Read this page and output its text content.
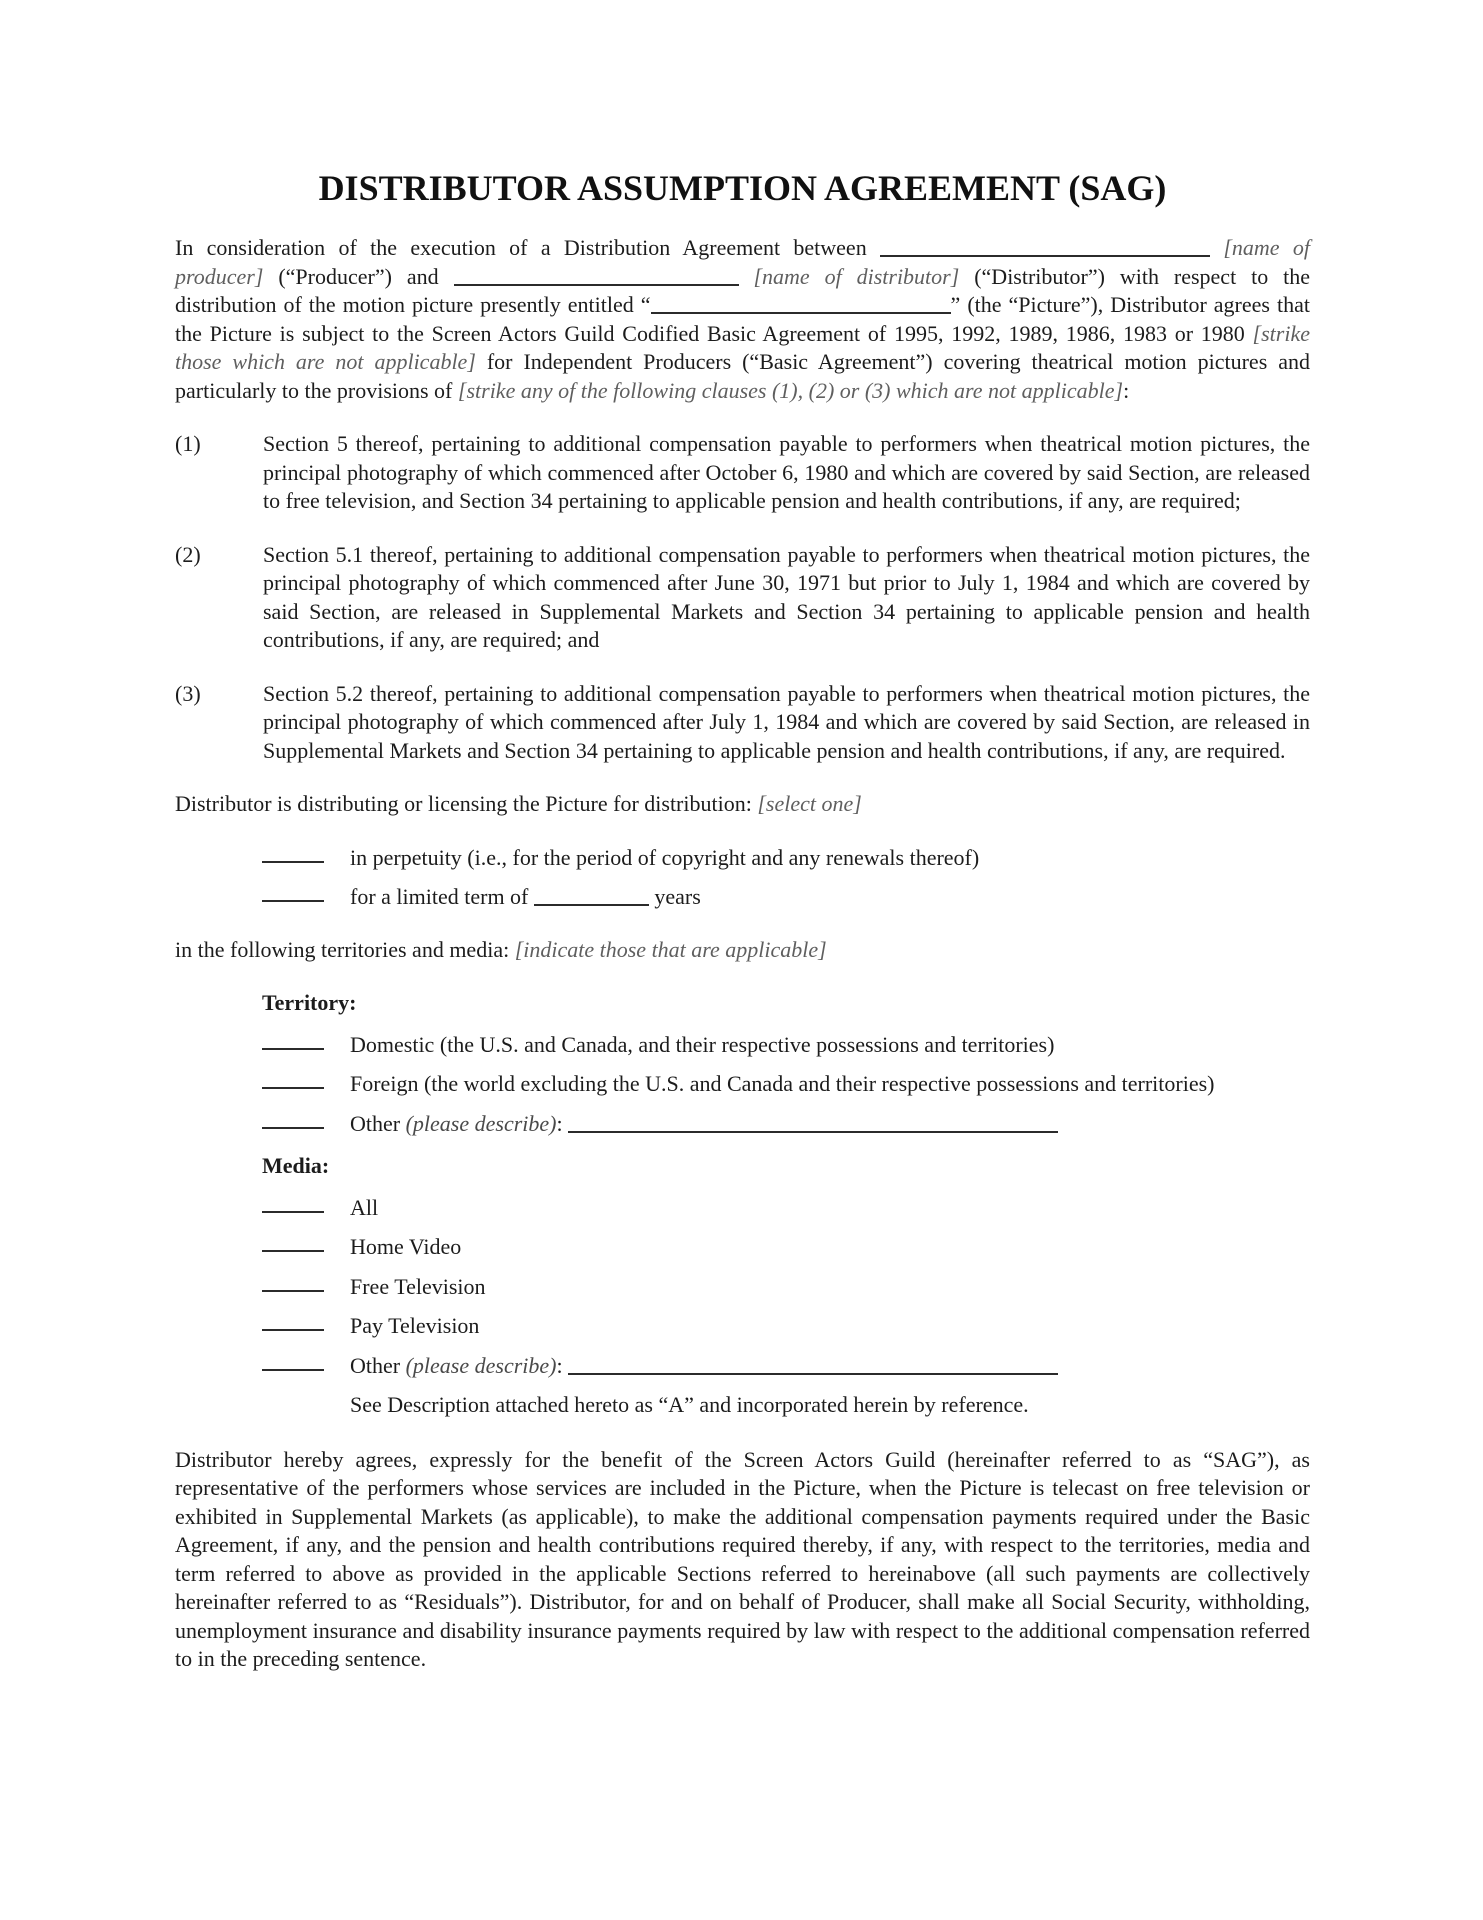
DISTRIBUTOR ASSUMPTION AGREEMENT (SAG)

In consideration of the execution of a Distribution Agreement between	[name of producer] (“Producer”) and	[name of distributor] (“Distributor”) with respect to the distribution of the motion picture presently entitled “	” (the “Picture”), Distributor agrees that the Picture is subject to the Screen Actors Guild Codified Basic Agreement of 1995, 1992, 1989, 1986, 1983 or 1980 [strike those which are not applicable] for Independent Producers (“Basic Agreement”) covering theatrical motion pictures and particularly to the provisions of [strike any of the following clauses (1), (2) or (3) which are not applicable]:

(1)	Section 5 thereof, pertaining to additional compensation payable to performers when theatrical motion pictures, the principal photography of which commenced after October 6, 1980 and which are covered by said Section, are released to free television, and Section 34 pertaining to applicable pension and health contributions, if any, are required;
(2)	Section 5.1 thereof, pertaining to additional compensation payable to performers when theatrical motion pictures, the principal photography of which commenced after June 30, 1971 but prior to July 1, 1984 and which are covered by said Section, are released in Supplemental Markets and Section 34 pertaining to applicable pension and health contributions, if any, are required; and
(3)	Section 5.2 thereof, pertaining to additional compensation payable to performers when theatrical motion pictures, the principal photography of which commenced after July 1, 1984 and which are covered by said Section, are released in Supplemental Markets and Section 34 pertaining to applicable pension and health contributions, if any, are required.

Distributor is distributing or licensing the Picture for distribution: [select one]

in perpetuity (i.e., for the period of copyright and any renewals thereof)
for a limited term of	years

in the following territories and media: [indicate those that are applicable]

Territory:
Domestic (the U.S. and Canada, and their respective possessions and territories)
Foreign (the world excluding the U.S. and Canada and their respective possessions and territories)
Other (please describe):
Media:
All
Home Video
Free Television
Pay Television
Other (please describe):
See Description attached hereto as “A” and incorporated herein by reference.

Distributor hereby agrees, expressly for the benefit of the Screen Actors Guild (hereinafter referred to as “SAG”), as representative of the performers whose services are included in the Picture, when the Picture is telecast on free television or exhibited in Supplemental Markets (as applicable), to make the additional compensation payments required under the Basic Agreement, if any, and the pension and health contributions required thereby, if any, with respect to the territories, media and term referred to above as provided in the applicable Sections referred to hereinabove (all such payments are collectively hereinafter referred to as “Residuals”). Distributor, for and on behalf of Producer, shall make all Social Security, withholding, unemployment insurance and disability insurance payments required by law with respect to the additional compensation referred to in the preceding sentence.
